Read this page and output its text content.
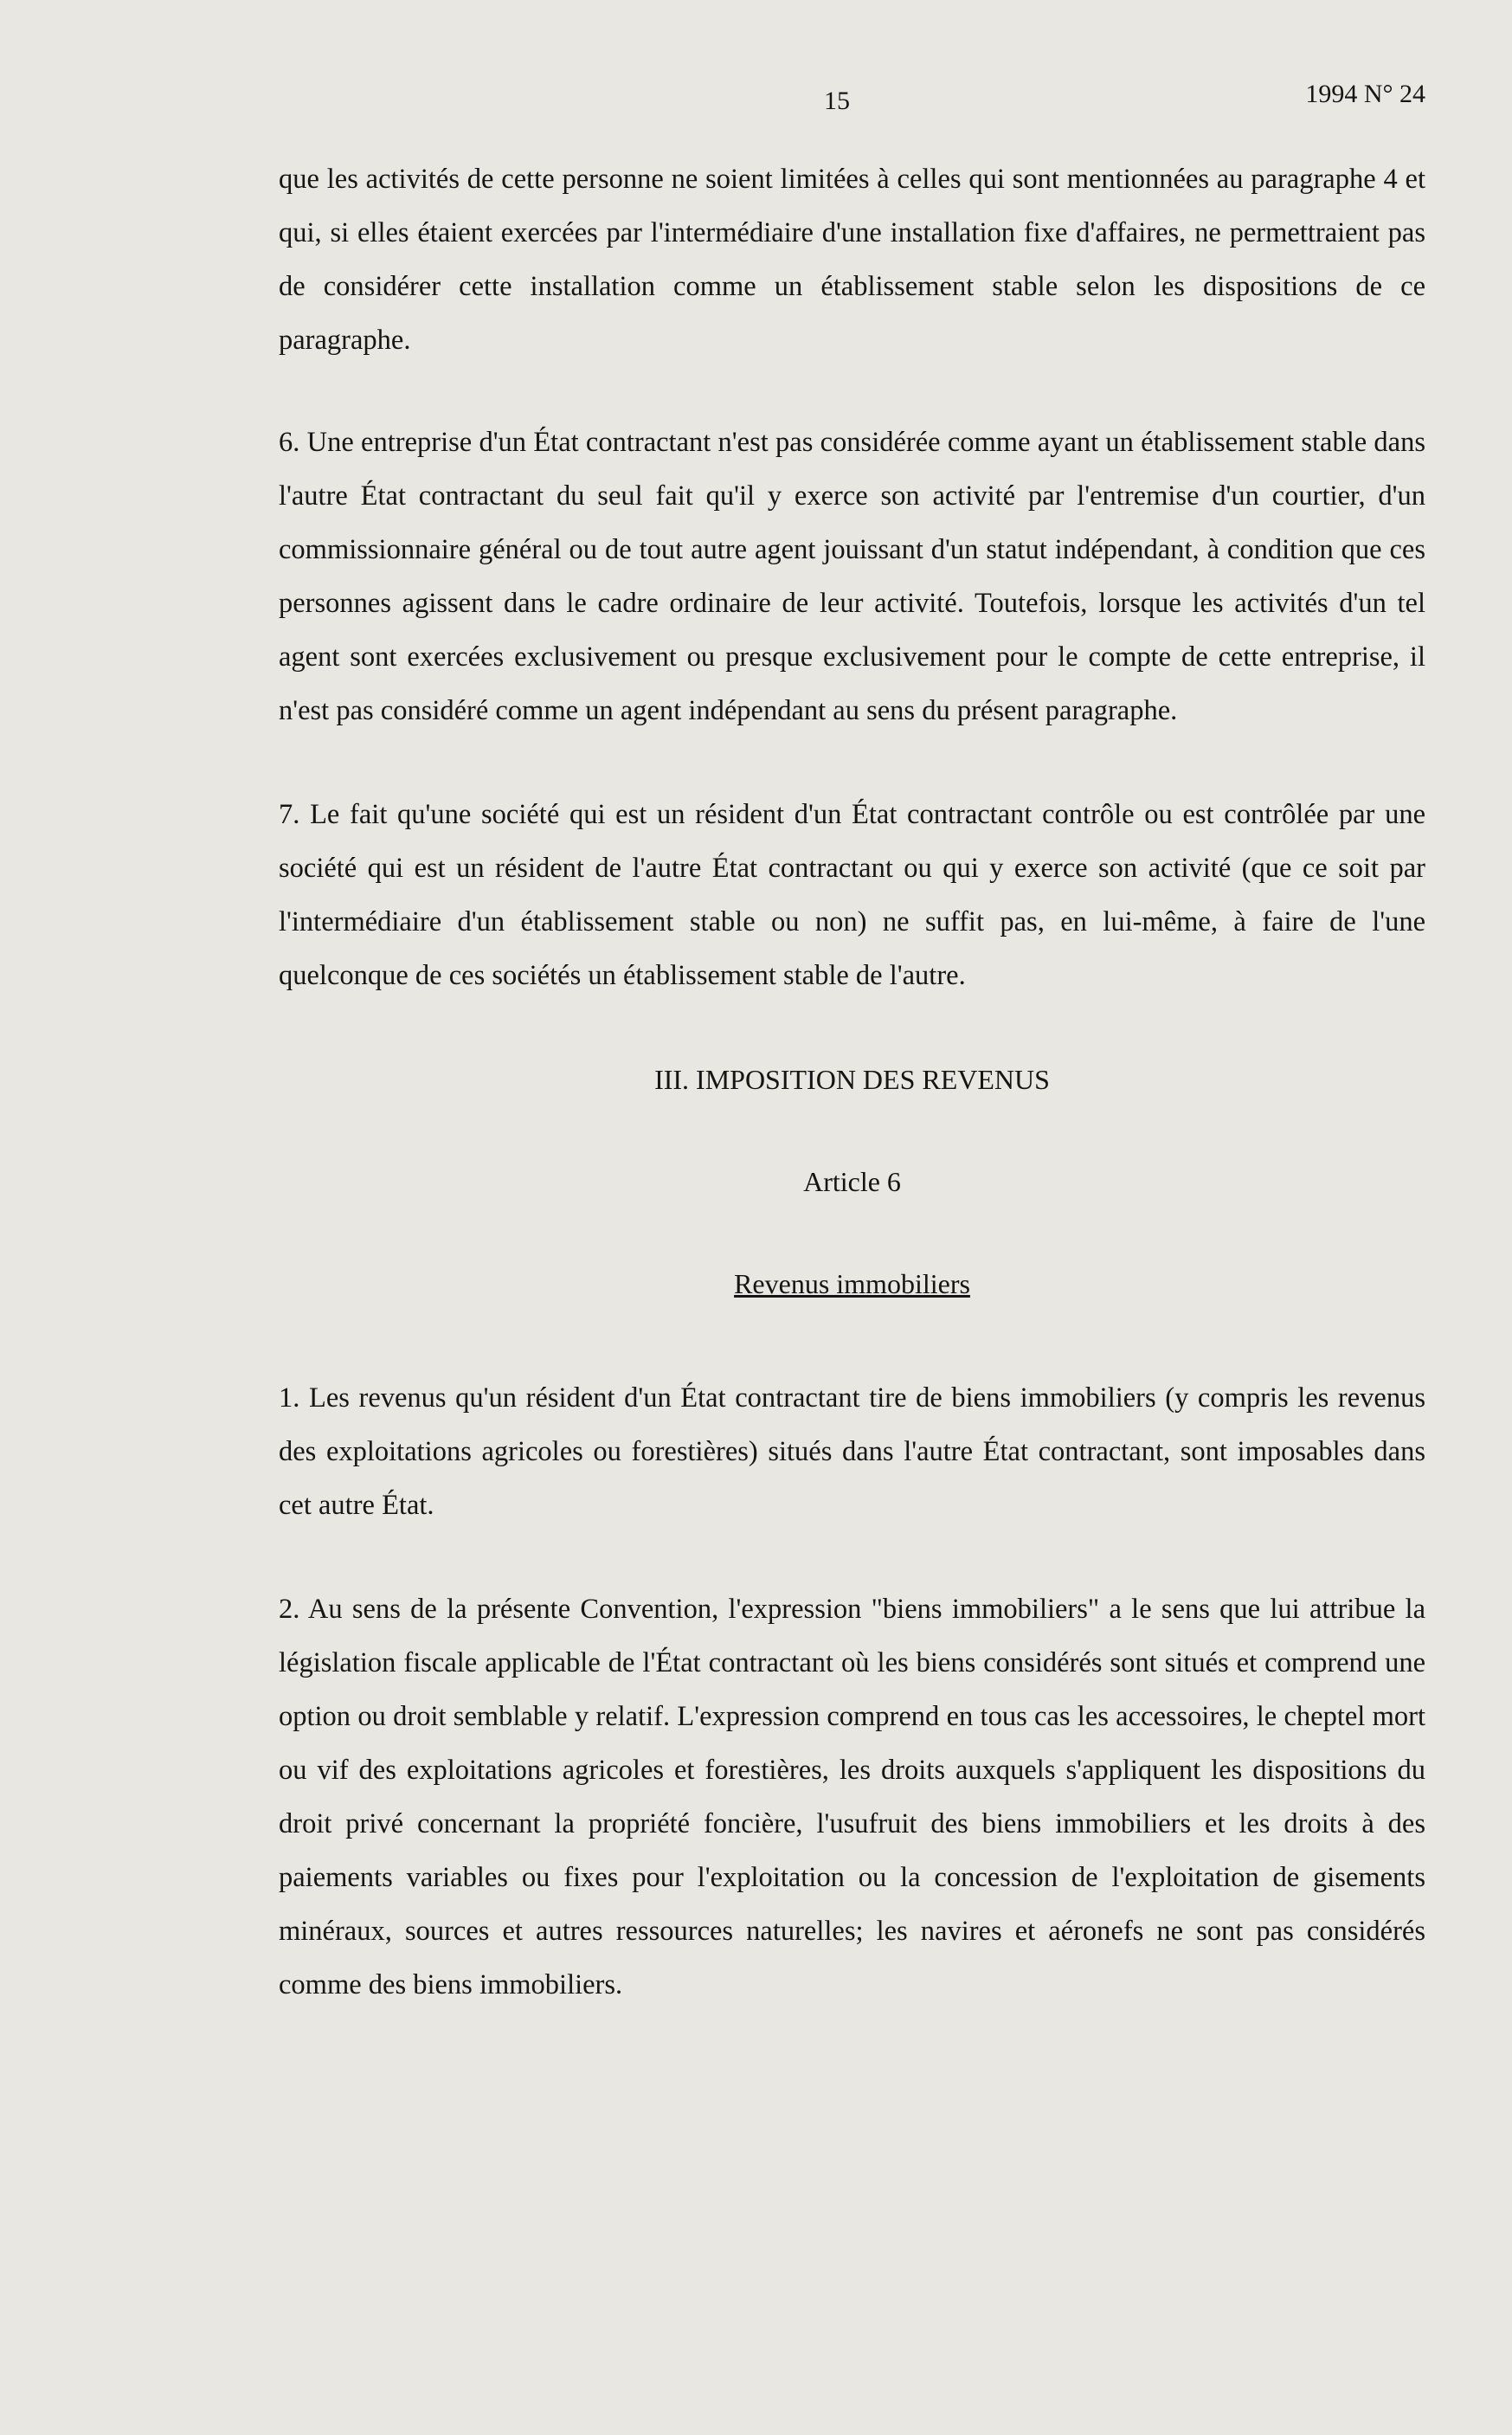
15	1994 N° 24

que les activités de cette personne ne soient limitées à celles qui sont mentionnées au paragraphe 4 et qui, si elles étaient exercées par l'intermédiaire d'une installation fixe d'affaires, ne permettraient pas de considérer cette installation comme un établissement stable selon les dispositions de ce paragraphe.

6. Une entreprise d'un État contractant n'est pas considérée comme ayant un établissement stable dans l'autre État contractant du seul fait qu'il y exerce son activité par l'entremise d'un courtier, d'un commissionnaire général ou de tout autre agent jouissant d'un statut indépendant, à condition que ces personnes agissent dans le cadre ordinaire de leur activité. Toutefois, lorsque les activités d'un tel agent sont exercées exclusivement ou presque exclusivement pour le compte de cette entreprise, il n'est pas considéré comme un agent indépendant au sens du présent paragraphe.

7. Le fait qu'une société qui est un résident d'un État contractant contrôle ou est contrôlée par une société qui est un résident de l'autre État contractant ou qui y exerce son activité (que ce soit par l'intermédiaire d'un établissement stable ou non) ne suffit pas, en lui-même, à faire de l'une quelconque de ces sociétés un établissement stable de l'autre.

III. IMPOSITION DES REVENUS

Article 6

Revenus immobiliers

1. Les revenus qu'un résident d'un État contractant tire de biens immobiliers (y compris les revenus des exploitations agricoles ou forestières) situés dans l'autre État contractant, sont imposables dans cet autre État.

2. Au sens de la présente Convention, l'expression "biens immobiliers" a le sens que lui attribue la législation fiscale applicable de l'État contractant où les biens considérés sont situés et comprend une option ou droit semblable y relatif. L'expression comprend en tous cas les accessoires, le cheptel mort ou vif des exploitations agricoles et forestières, les droits auxquels s'appliquent les dispositions du droit privé concernant la propriété foncière, l'usufruit des biens immobiliers et les droits à des paiements variables ou fixes pour l'exploitation ou la concession de l'exploitation de gisements minéraux, sources et autres ressources naturelles; les navires et aéronefs ne sont pas considérés comme des biens immobiliers.
